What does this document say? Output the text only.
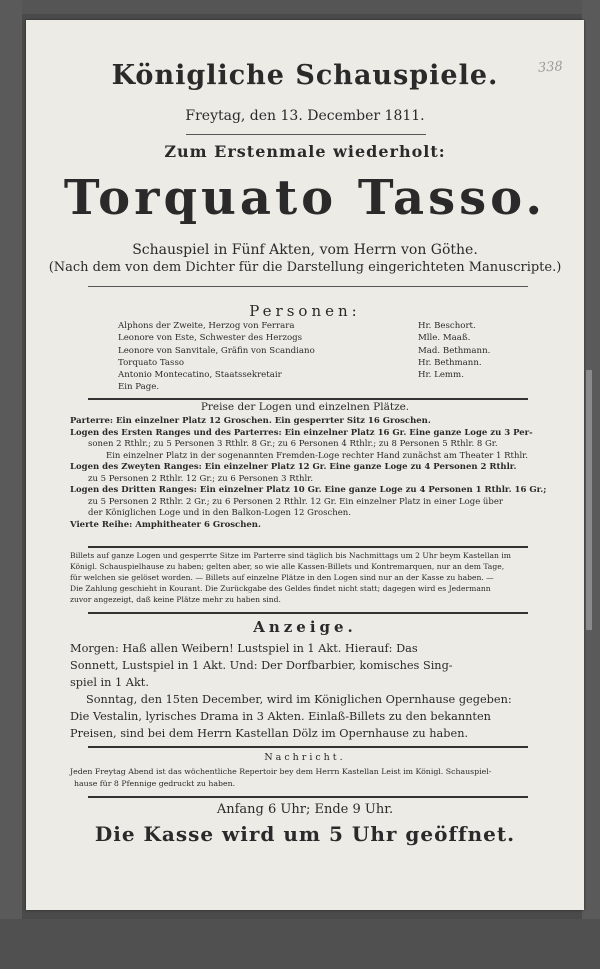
338
Königliche Schauspiele.
Freytag, den 13. December 1811.
Zum Erstenmale wiederholt:
Torquato Tasso.
Schauspiel in Fünf Akten, vom Herrn von Göthe.
(Nach dem von dem Dichter für die Darstellung eingerichteten Manuscripte.)
Personen:
Alphons der Zweite, Herzog von Ferrara
Leonore von Este, Schwester des Herzogs
Leonore von Sanvitale, Gräfin von Scandiano
Torquato Tasso
Antonio Montecatino, Staatssekretair
Ein Page.
Hr. Beschort.
Mlle. Maaß.
Mad. Bethmann.
Hr. Bethmann.
Hr. Lemm.
Preise der Logen und einzelnen Plätze.
Parterre: Ein einzelner Platz 12 Groschen. Ein gesperrter Sitz 16 Groschen.
Logen des Ersten Ranges und des Parterres: Ein einzelner Platz 16 Gr. Eine ganze Loge zu 3 Per-
sonen 2 Rthlr.; zu 5 Personen 3 Rthlr. 8 Gr.; zu 6 Personen 4 Rthlr.; zu 8 Personen 5 Rthlr. 8 Gr.
Ein einzelner Platz in der sogenannten Fremden-Loge rechter Hand zunächst am Theater 1 Rthlr.
Logen des Zweyten Ranges: Ein einzelner Platz 12 Gr. Eine ganze Loge zu 4 Personen 2 Rthlr.
zu 5 Personen 2 Rthlr. 12 Gr.; zu 6 Personen 3 Rthlr.
Logen des Dritten Ranges: Ein einzelner Platz 10 Gr. Eine ganze Loge zu 4 Personen 1 Rthlr. 16 Gr.;
zu 5 Personen 2 Rthlr. 2 Gr.; zu 6 Personen 2 Rthlr. 12 Gr. Ein einzelner Platz in einer Loge über
der Königlichen Loge und in den Balkon-Logen 12 Groschen.
Vierte Reihe: Amphitheater 6 Groschen.
Billets auf ganze Logen und gesperrte Sitze im Parterre sind täglich bis Nachmittags um 2 Uhr beym Kastellan im
Königl. Schauspielhause zu haben; gelten aber, so wie alle Kassen-Billets und Kontremarquen, nur an dem Tage,
für welchen sie gelöset worden. — Billets auf einzelne Plätze in den Logen sind nur an der Kasse zu haben. —
Die Zahlung geschieht in Kourant. Die Zurückgabe des Geldes findet nicht statt; dagegen wird es Jedermann
zuvor angezeigt, daß keine Plätze mehr zu haben sind.
Anzeige.
Morgen: Haß allen Weibern! Lustspiel in 1 Akt. Hierauf: Das
Sonnett, Lustspiel in 1 Akt. Und: Der Dorfbarbier, komisches Sing-
spiel in 1 Akt.
Sonntag, den 15ten December, wird im Königlichen Opernhause gegeben:
Die Vestalin, lyrisches Drama in 3 Akten. Einlaß-Billets zu den bekannten
Preisen, sind bei dem Herrn Kastellan Dölz im Opernhause zu haben.
Nachricht.
Jeden Freytag Abend ist das wöchentliche Repertoir bey dem Herrn Kastellan Leist im Königl. Schauspiel-
hause für 8 Pfennige gedruckt zu haben.
Anfang 6 Uhr; Ende 9 Uhr.
Die Kasse wird um 5 Uhr geöffnet.
